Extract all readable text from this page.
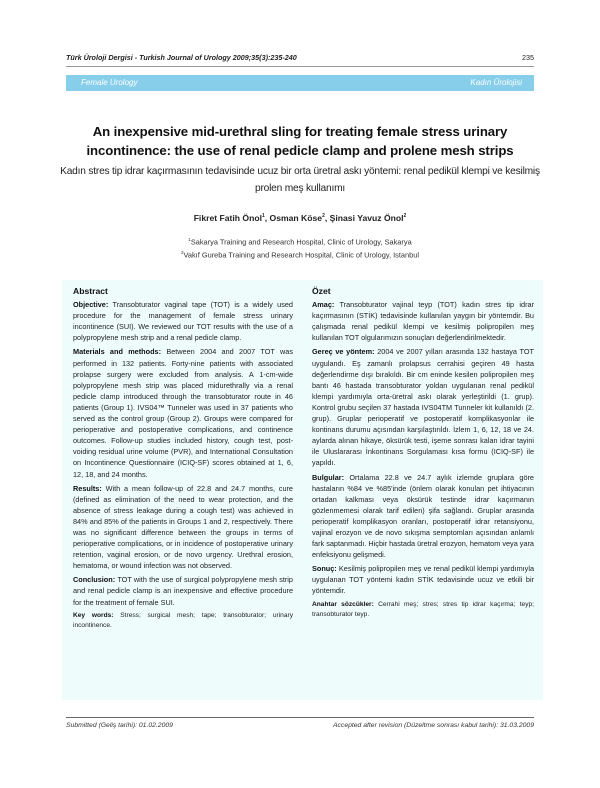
Türk Üroloji Dergisi - Turkish Journal of Urology 2009;35(3):235-240	235
Female Urology	Kadın Ürolojisi
An inexpensive mid-urethral sling for treating female stress urinary incontinence: the use of renal pedicle clamp and prolene mesh strips
Kadın stres tip idrar kaçırmasının tedavisinde ucuz bir orta üretral askı yöntemi: renal pedikül klempi ve kesilmiş prolen meş kullanımı
Fikret Fatih Önol$^1$, Osman Köse$^2$, Şinasi Yavuz Önol$^2$
$^1$Sakarya Training and Research Hospital, Clinic of Urology, Sakarya
$^2$Vakıf Gureba Training and Research Hospital, Clinic of Urology, Istanbul
Abstract

Objective: Transobturator vaginal tape (TOT) is a widely used procedure for the management of female stress urinary incontinence (SUI). We reviewed our TOT results with the use of a polypropylene mesh strip and a renal pedicle clamp.

Materials and methods: Between 2004 and 2007 TOT was performed in 132 patients. Forty-nine patients with associated prolapse surgery were excluded from analysis. A 1-cm-wide polypropylene mesh strip was placed midurethrally via a renal pedicle clamp introduced through the transobturator route in 46 patients (Group 1). IVS04™ Tunneler was used in 37 patients who served as the control group (Group 2). Groups were compared for perioperative and postoperative complications, and continence outcomes. Follow-up studies included history, cough test, post-voiding residual urine volume (PVR), and International Consultation on Incontinence Questionnaire (ICIQ-SF) scores obtained at 1, 6, 12, 18, and 24 months.

Results: With a mean follow-up of 22.8 and 24.7 months, cure (defined as elimination of the need to wear protection, and the absence of stress leakage during a cough test) was achieved in 84% and 85% of the patients in Groups 1 and 2, respectively. There was no significant difference between the groups in terms of perioperative complications, or in incidence of postoperative urinary retention, vaginal erosion, or de novo urgency. Urethral erosion, hematoma, or wound infection was not observed.

Conclusion: TOT with the use of surgical polypropylene mesh strip and renal pedicle clamp is an inexpensive and effective procedure for the treatment of female SUI.

Key words: Stress; surgical mesh; tape; transobturator; urinary incontinence.

Özet

Amaç: Transobturator vajinal teyp (TOT) kadın stres tip idrar kaçırmasının (STİK) tedavisinde kullanılan yaygın bir yöntemdir. Bu çalışmada renal pedikül klempi ve kesilmiş polipropilen meş kullanılan TOT olgularımızın sonuçları değerlendirilmektedir.

Gereç ve yöntem: 2004 ve 2007 yılları arasında 132 hastaya TOT uygulandı. Eş zamanlı prolapsus cerrahisi geçiren 49 hasta değerlendirme dışı bırakıldı. Bir cm eninde kesilen polipropilen meş bantı 46 hastada transobturator yoldan uygulanan renal pedikül klempi yardımıyla orta-üretral askı olarak yerleştirildi (1. grup). Kontrol grubu seçilen 37 hastada IVS04TM Tunneler kit kullanıldı (2. grup). Gruplar perioperatif ve postoperatif komplikasyonlar ile kontinans durumu açısından karşılaştırıldı. İzlem 1, 6, 12, 18 ve 24. aylarda alınan hikaye, öksürük testi, işeme sonrası kalan idrar tayini ile Uluslararası İnkontinans Sorgulaması kısa formu (ICIQ-SF) ile yapıldı.

Bulgular: Ortalama 22.8 ve 24.7 aylık izlemde gruplara göre hastaların %84 ve %85'inde (önlem olarak konulan pet ihtiyacının ortadan kalkması veya öksürük testinde idrar kaçırmanın gözlenmemesi olarak tarif edilen) şifa sağlandı. Gruplar arasında perioperatif komplikasyon oranları, postoperatif idrar retansiyonu, vajinal erozyon ve de novo sıkışma semptomları açısından anlamlı fark saptanmadı. Hiçbir hastada üretral erozyon, hematom veya yara enfeksiyonu gelişmedi.

Sonuç: Kesilmiş polipropilen meş ve renal pedikül klempi yardımıyla uygulanan TOT yöntemi kadın STİK tedavisinde ucuz ve etkili bir yöntemdir.

Anahtar sözcükler: Cerrahi meş; stres; stres tip idrar kaçırma; teyp; transobturator teyp.

Submitted (Geliş tarihi): 01.02.2009	Accepted after revision (Düzeltme sonrası kabul tarihi): 31.03.2009
